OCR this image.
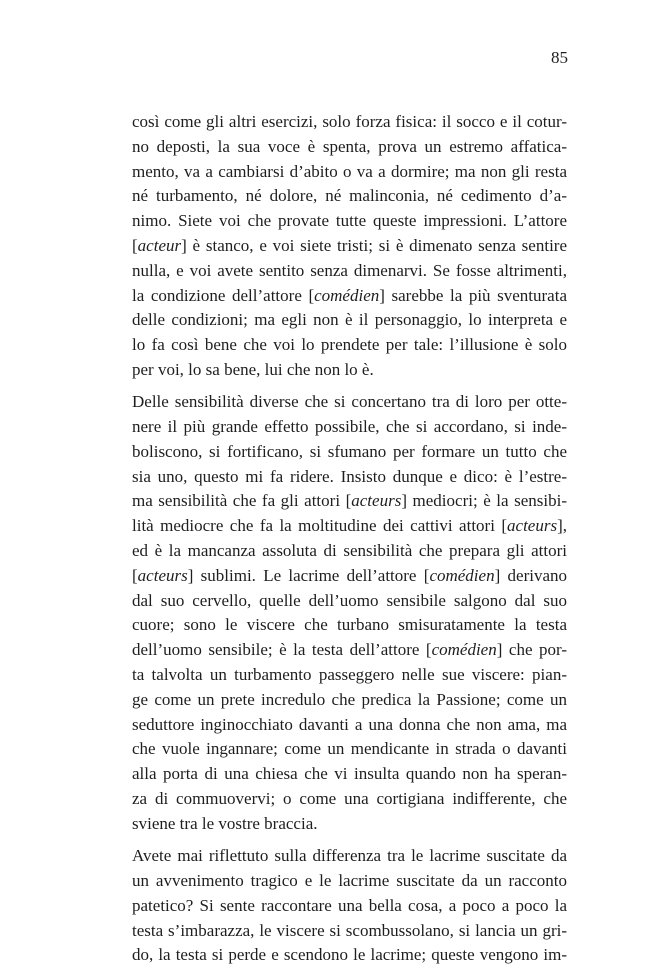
85
così come gli altri esercizi, solo forza fisica: il socco e il cotur-
no deposti, la sua voce è spenta, prova un estremo affatica-
mento, va a cambiarsi d’abito o va a dormire; ma non gli resta
né turbamento, né dolore, né malinconia, né cedimento d’a-
nimo. Siete voi che provate tutte queste impressioni. L’attore
[acteur] è stanco, e voi siete tristi; si è dimenato senza sentire
nulla, e voi avete sentito senza dimenarvi. Se fosse altrimenti,
la condizione dell’attore [comédien] sarebbe la più sventurata
delle condizioni; ma egli non è il personaggio, lo interpreta e
lo fa così bene che voi lo prendete per tale: l’illusione è solo
per voi, lo sa bene, lui che non lo è.
Delle sensibilità diverse che si concertano tra di loro per otte-
nere il più grande effetto possibile, che si accordano, si inde-
boliscono, si fortificano, si sfumano per formare un tutto che
sia uno, questo mi fa ridere. Insisto dunque e dico: è l’estre-
ma sensibilità che fa gli attori [acteurs] mediocri; è la sensibi-
lità mediocre che fa la moltitudine dei cattivi attori [acteurs],
ed è la mancanza assoluta di sensibilità che prepara gli attori
[acteurs] sublimi. Le lacrime dell’attore [comédien] derivano
dal suo cervello, quelle dell’uomo sensibile salgono dal suo
cuore; sono le viscere che turbano smisuratamente la testa
dell’uomo sensibile; è la testa dell’attore [comédien] che por-
ta talvolta un turbamento passeggero nelle sue viscere: pian-
ge come un prete incredulo che predica la Passione; come un
seduttore inginocchiato davanti a una donna che non ama, ma
che vuole ingannare; come un mendicante in strada o davanti
alla porta di una chiesa che vi insulta quando non ha speran-
za di commuovervi; o come una cortigiana indifferente, che
sviene tra le vostre braccia.
Avete mai riflettuto sulla differenza tra le lacrime suscitate da
un avvenimento tragico e le lacrime suscitate da un racconto
patetico? Si sente raccontare una bella cosa, a poco a poco la
testa s’imbarazza, le viscere si scombussolano, si lancia un gri-
do, la testa si perde e scendono le lacrime; queste vengono im-
